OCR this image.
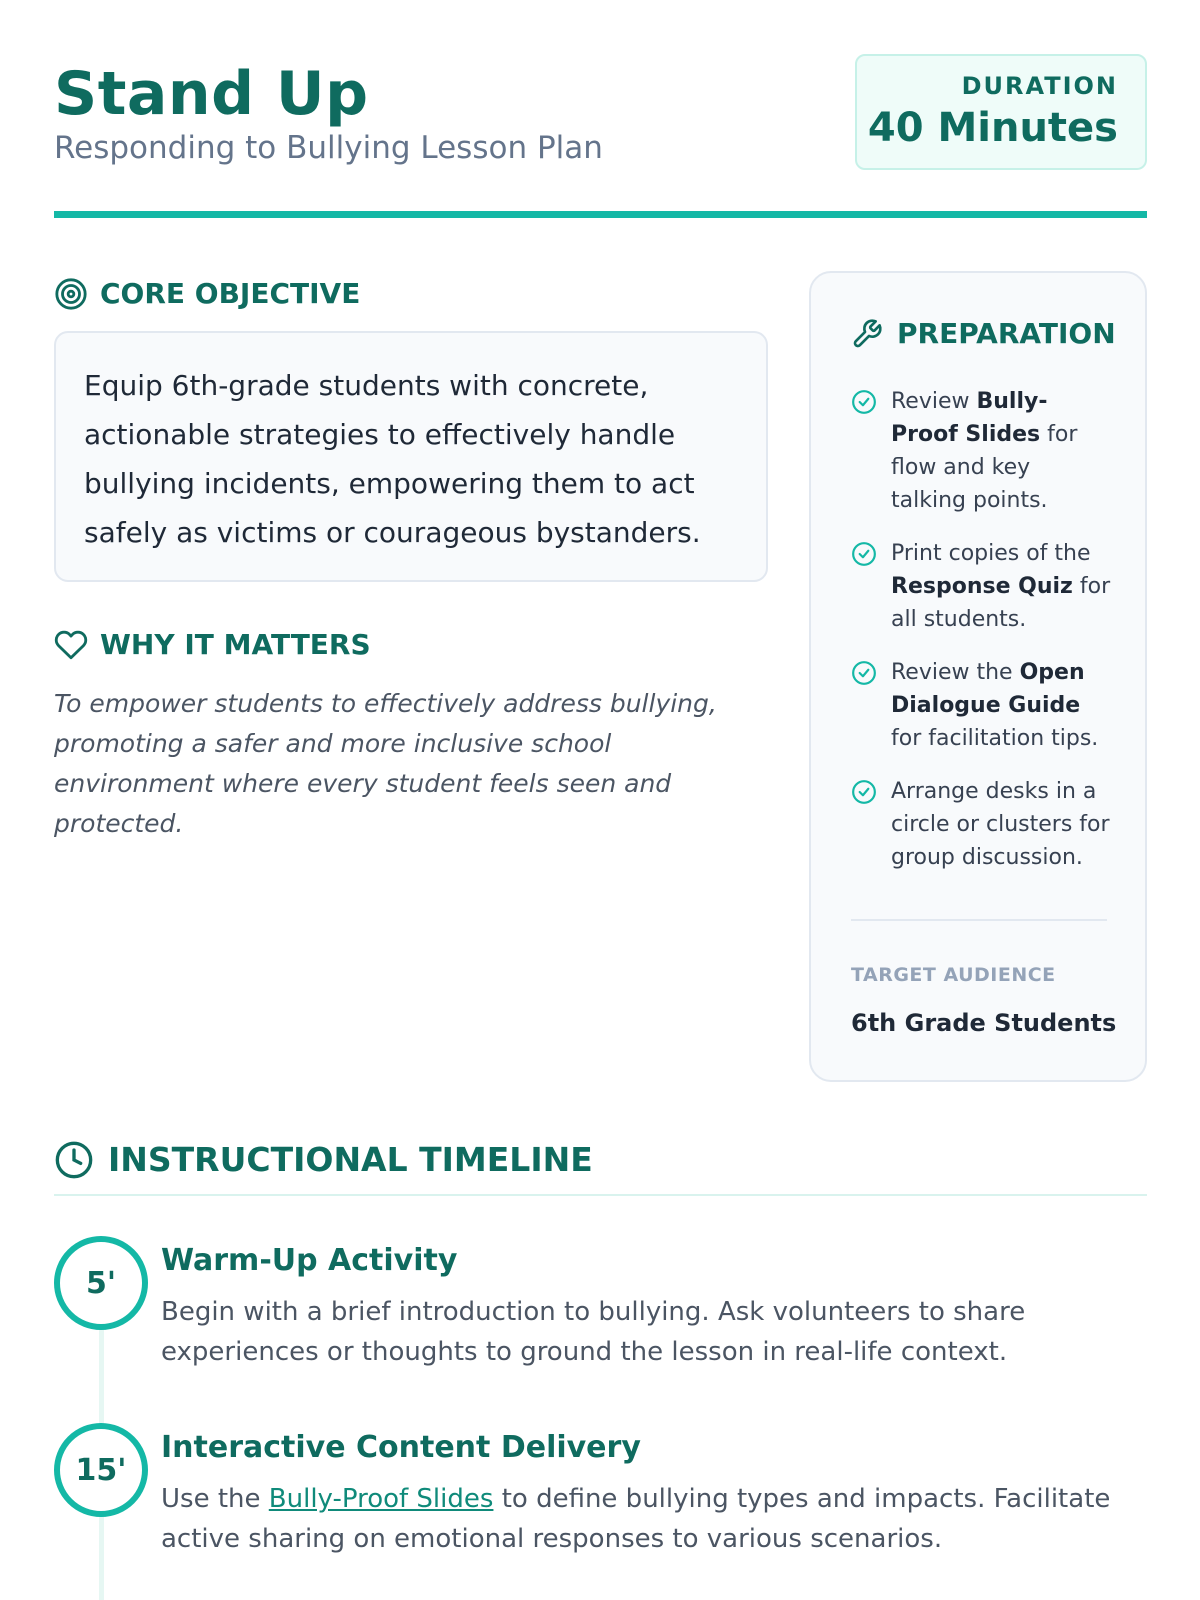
Stand Up
Responding to Bullying Lesson Plan
DURATION
40 Minutes
CORE OBJECTIVE

Equip 6th-grade students with concrete, actionable strategies to effectively handle bullying incidents, empowering them to act safely as victims or courageous bystanders.

WHY IT MATTERS

To empower students to effectively address bullying, promoting a safer and more inclusive school environment where every student feels seen and protected.

PREPARATION
Review Bully-Proof Slides for flow and key talking points.
Print copies of the Response Quiz for all students.
Review the Open Dialogue Guide for facilitation tips.
Arrange desks in a circle or clusters for group discussion.
TARGET AUDIENCE
6th Grade Students
INSTRUCTIONAL TIMELINE
5'
Warm-Up Activity

Begin with a brief introduction to bullying. Ask volunteers to share experiences or thoughts to ground the lesson in real-life context.

15'
Interactive Content Delivery

Use the Bully-Proof Slides to define bullying types and impacts. Facilitate active sharing on emotional responses to various scenarios.
